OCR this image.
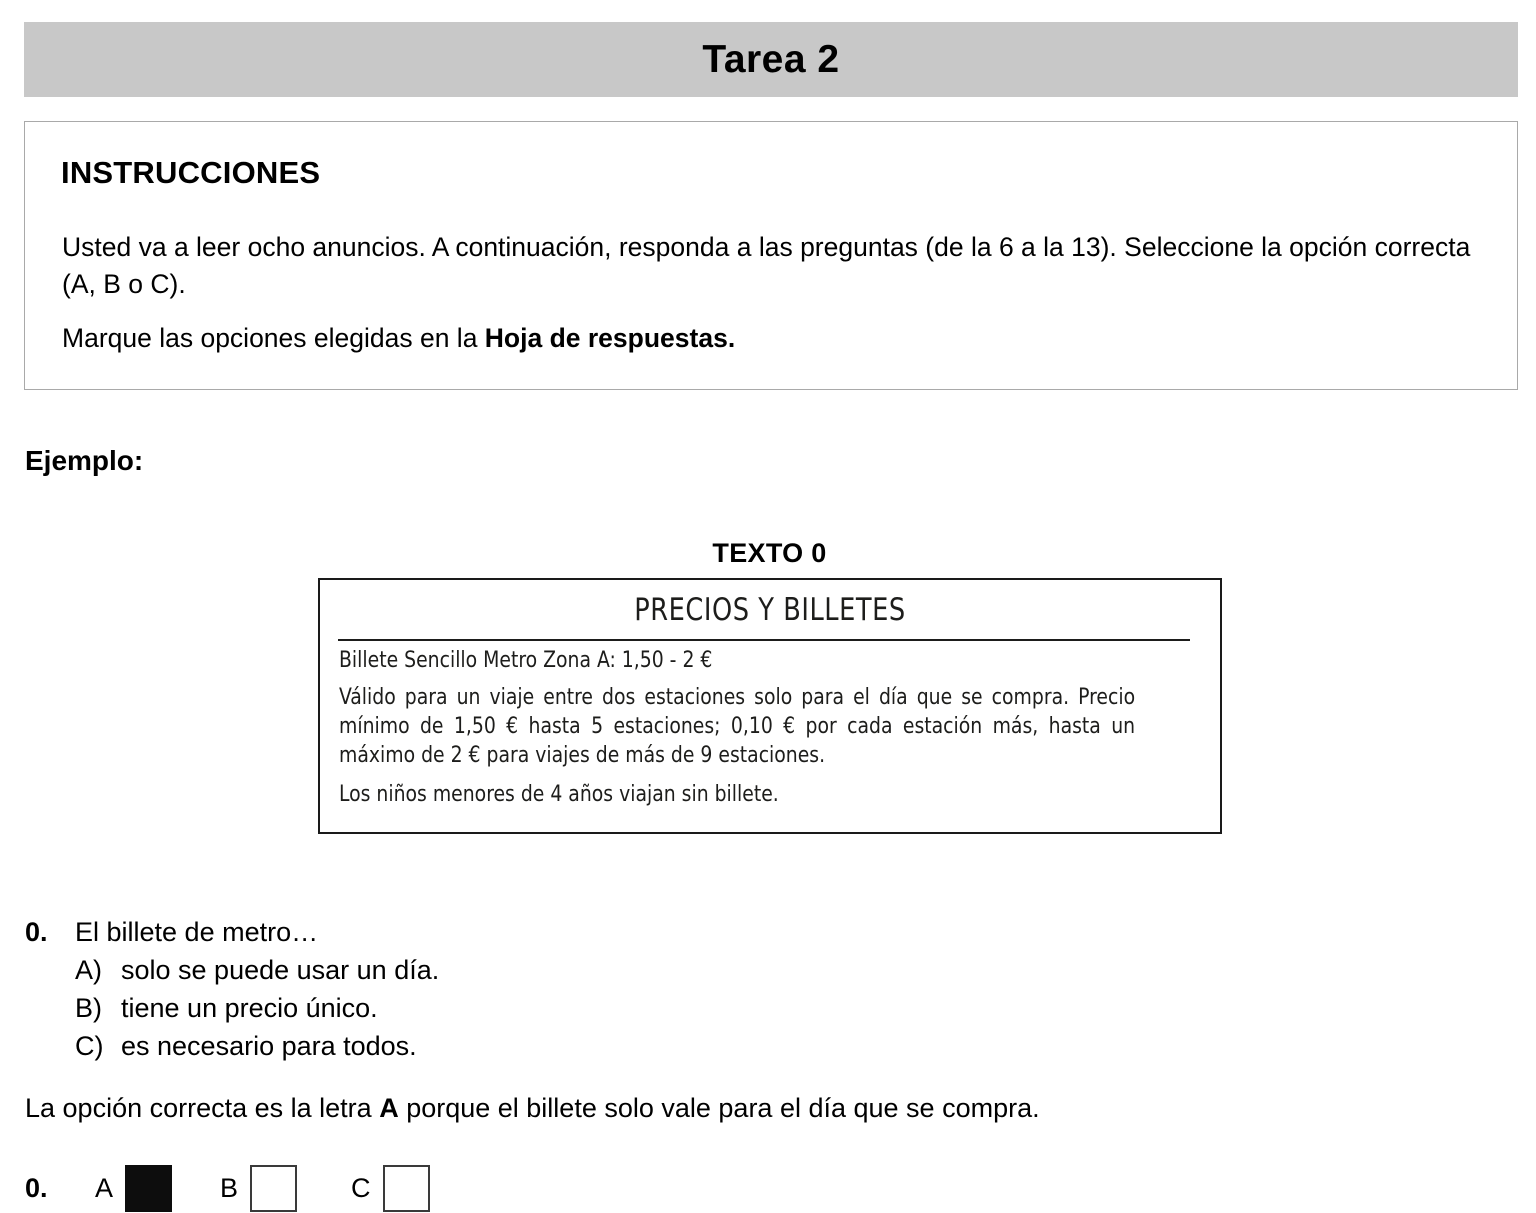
Tarea 2
INSTRUCCIONES
Usted va a leer ocho anuncios. A continuación, responda a las preguntas (de la 6 a la 13). Seleccione la opción correcta (A, B o C).
Marque las opciones elegidas en la Hoja de respuestas.
Ejemplo:
TEXTO 0
PRECIOS Y BILLETES
Billete Sencillo Metro Zona A: 1,50 - 2 €
Válido para un viaje entre dos estaciones solo para el día que se compra. Precio mínimo de 1,50 € hasta 5 estaciones; 0,10 € por cada estación más, hasta un máximo de 2 € para viajes de más de 9 estaciones.
Los niños menores de 4 años viajan sin billete.
0.	El billete de metro…
A) solo se puede usar un día.
B) tiene un precio único.
C) es necesario para todos.
La opción correcta es la letra A porque el billete solo vale para el día que se compra.
0.	A	B	C
